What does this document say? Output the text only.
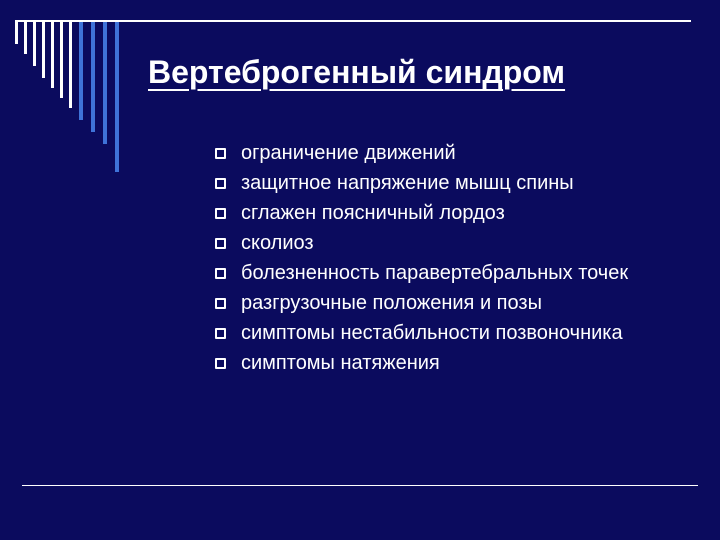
Вертеброгенный синдром
ограничение движений
защитное напряжение мышц спины
сглажен поясничный лордоз
сколиоз
болезненность паравертебральных точек
разгрузочные положения и позы
симптомы нестабильности позвоночника
симптомы натяжения
